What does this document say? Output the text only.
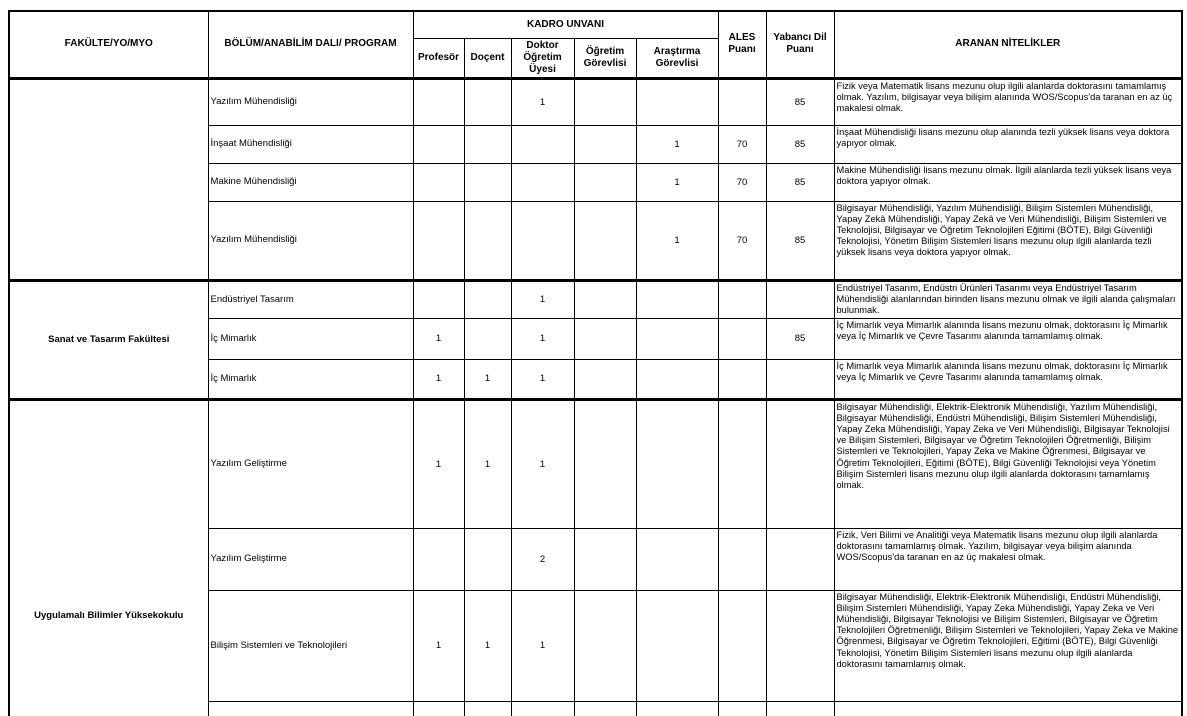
FAKÜLTE/YO/MYO	BÖLÜM/ANABİLİM DALI/ PROGRAM	KADRO UNVANI					ALES Puanı	Yabancı Dil Puanı	ARANAN NİTELİKLER

		Profesör	Doçent	Doktor Öğretim Üyesi	Öğretim Görevlisi	Araştırma Görevlisi			
	Yazılım Mühendisliği			1				85	Fizik veya Matematik lisans mezunu olup ilgili alanlarda doktorasını tamamlamış olmak. Yazılım, bilgisayar veya bilişim alanında WOS/Scopus'da taranan en az üç makalesi olmak.
	İnşaat Mühendisliği					1	70	85	İnşaat Mühendisliği lisans mezunu olup alanında tezli yüksek lisans veya doktora yapıyor olmak.
	Makine Mühendisliği					1	70	85	Makine Mühendisliği lisans mezunu olmak. İlgili alanlarda tezli yüksek lisans veya doktora yapıyor olmak.
	Yazılım Mühendisliği					1	70	85	Bilgisayar Mühendisliği, Yazılım Mühendisliği, Bilişim Sistemleri Mühendisliği, Yapay Zekâ Mühendisliği, Yapay Zekâ ve Veri Mühendisliği, Bilişim Sistemleri ve Teknolojisi, Bilgisayar ve Öğretim Teknolojileri Eğitimi (BÖTE), Bilgi Güvenliği Teknolojisi, Yönetim Bilişim Sistemleri lisans mezunu olup ilgili alanlarda tezli yüksek lisans veya doktora yapıyor olmak.
Sanat ve Tasarım Fakültesi	Endüstriyel Tasarım			1					Endüstriyel Tasarım, Endüstri Ürünleri Tasarımı veya Endüstriyel Tasarım Mühendisliği alanlarından birinden lisans mezunu olmak ve ilgili alanda çalışmaları bulunmak.
	İç Mimarlık	1		1				85	İç Mimarlık veya Mimarlık alanında lisans mezunu olmak, doktorasını İç Mimarlık veya İç Mimarlık ve Çevre Tasarımı alanında tamamlamış olmak.
	İç Mimarlık	1	1	1					İç Mimarlık veya Mimarlık alanında lisans mezunu olmak, doktorasını İç Mimarlık veya İç Mimarlık ve Çevre Tasarımı alanında tamamlamış olmak.
Uygulamalı Bilimler Yüksekokulu	Yazılım Geliştirme	1	1	1					Bilgisayar Mühendisliği, Elektrik-Elektronik Mühendisliği, Yazılım Mühendisliği, Bilgisayar Mühendisliği, Endüstri Mühendisliği, Bilişim Sistemleri Mühendisliği, Yapay Zeka Mühendisliği, Yapay Zeka ve Veri Mühendisliği, Bilgisayar Teknolojisi ve Bilişim Sistemleri, Bilgisayar ve Öğretim Teknolojileri Öğretmenliği, Bilişim Sistemleri ve Teknolojileri, Yapay Zeka ve Makine Öğrenmesi, Bilgisayar ve Öğretim Teknolojileri, Eğitimi (BÖTE), Bilgi Güvenliği Teknolojisi veya Yönetim Bilişim Sistemleri lisans mezunu olup ilgili alanlarda doktorasını tamamlamış olmak.
	Yazılım Geliştirme			2					Fizik, Veri Bilimi ve Analitiği veya Matematik lisans mezunu olup ilgili alanlarda doktorasını tamamlamış olmak. Yazılım, bilgisayar veya bilişim alanında WOS/Scopus'da taranan en az üç makalesi olmak.
	Bilişim Sistemleri ve Teknolojileri	1	1	1					Bilgisayar Mühendisliği, Elektrik-Elektronik Mühendisliği, Endüstri Mühendisliği, Bilişim Sistemleri Mühendisliği, Yapay Zeka Mühendisliği, Yapay Zeka ve Veri Mühendisliği, Bilgisayar Teknolojisi ve Bilişim Sistemleri, Bilgisayar ve Öğretim Teknolojileri Öğretmenliği, Bilişim Sistemleri ve Teknolojileri, Yapay Zeka ve Makine Öğrenmesi, Bilgisayar ve Öğretim Teknolojileri, Eğitimi (BÖTE), Bilgi Güvenliği Teknolojisi, Yönetim Bilişim Sistemleri lisans mezunu olup ilgili alanlarda doktorasını tamamlamış olmak.
